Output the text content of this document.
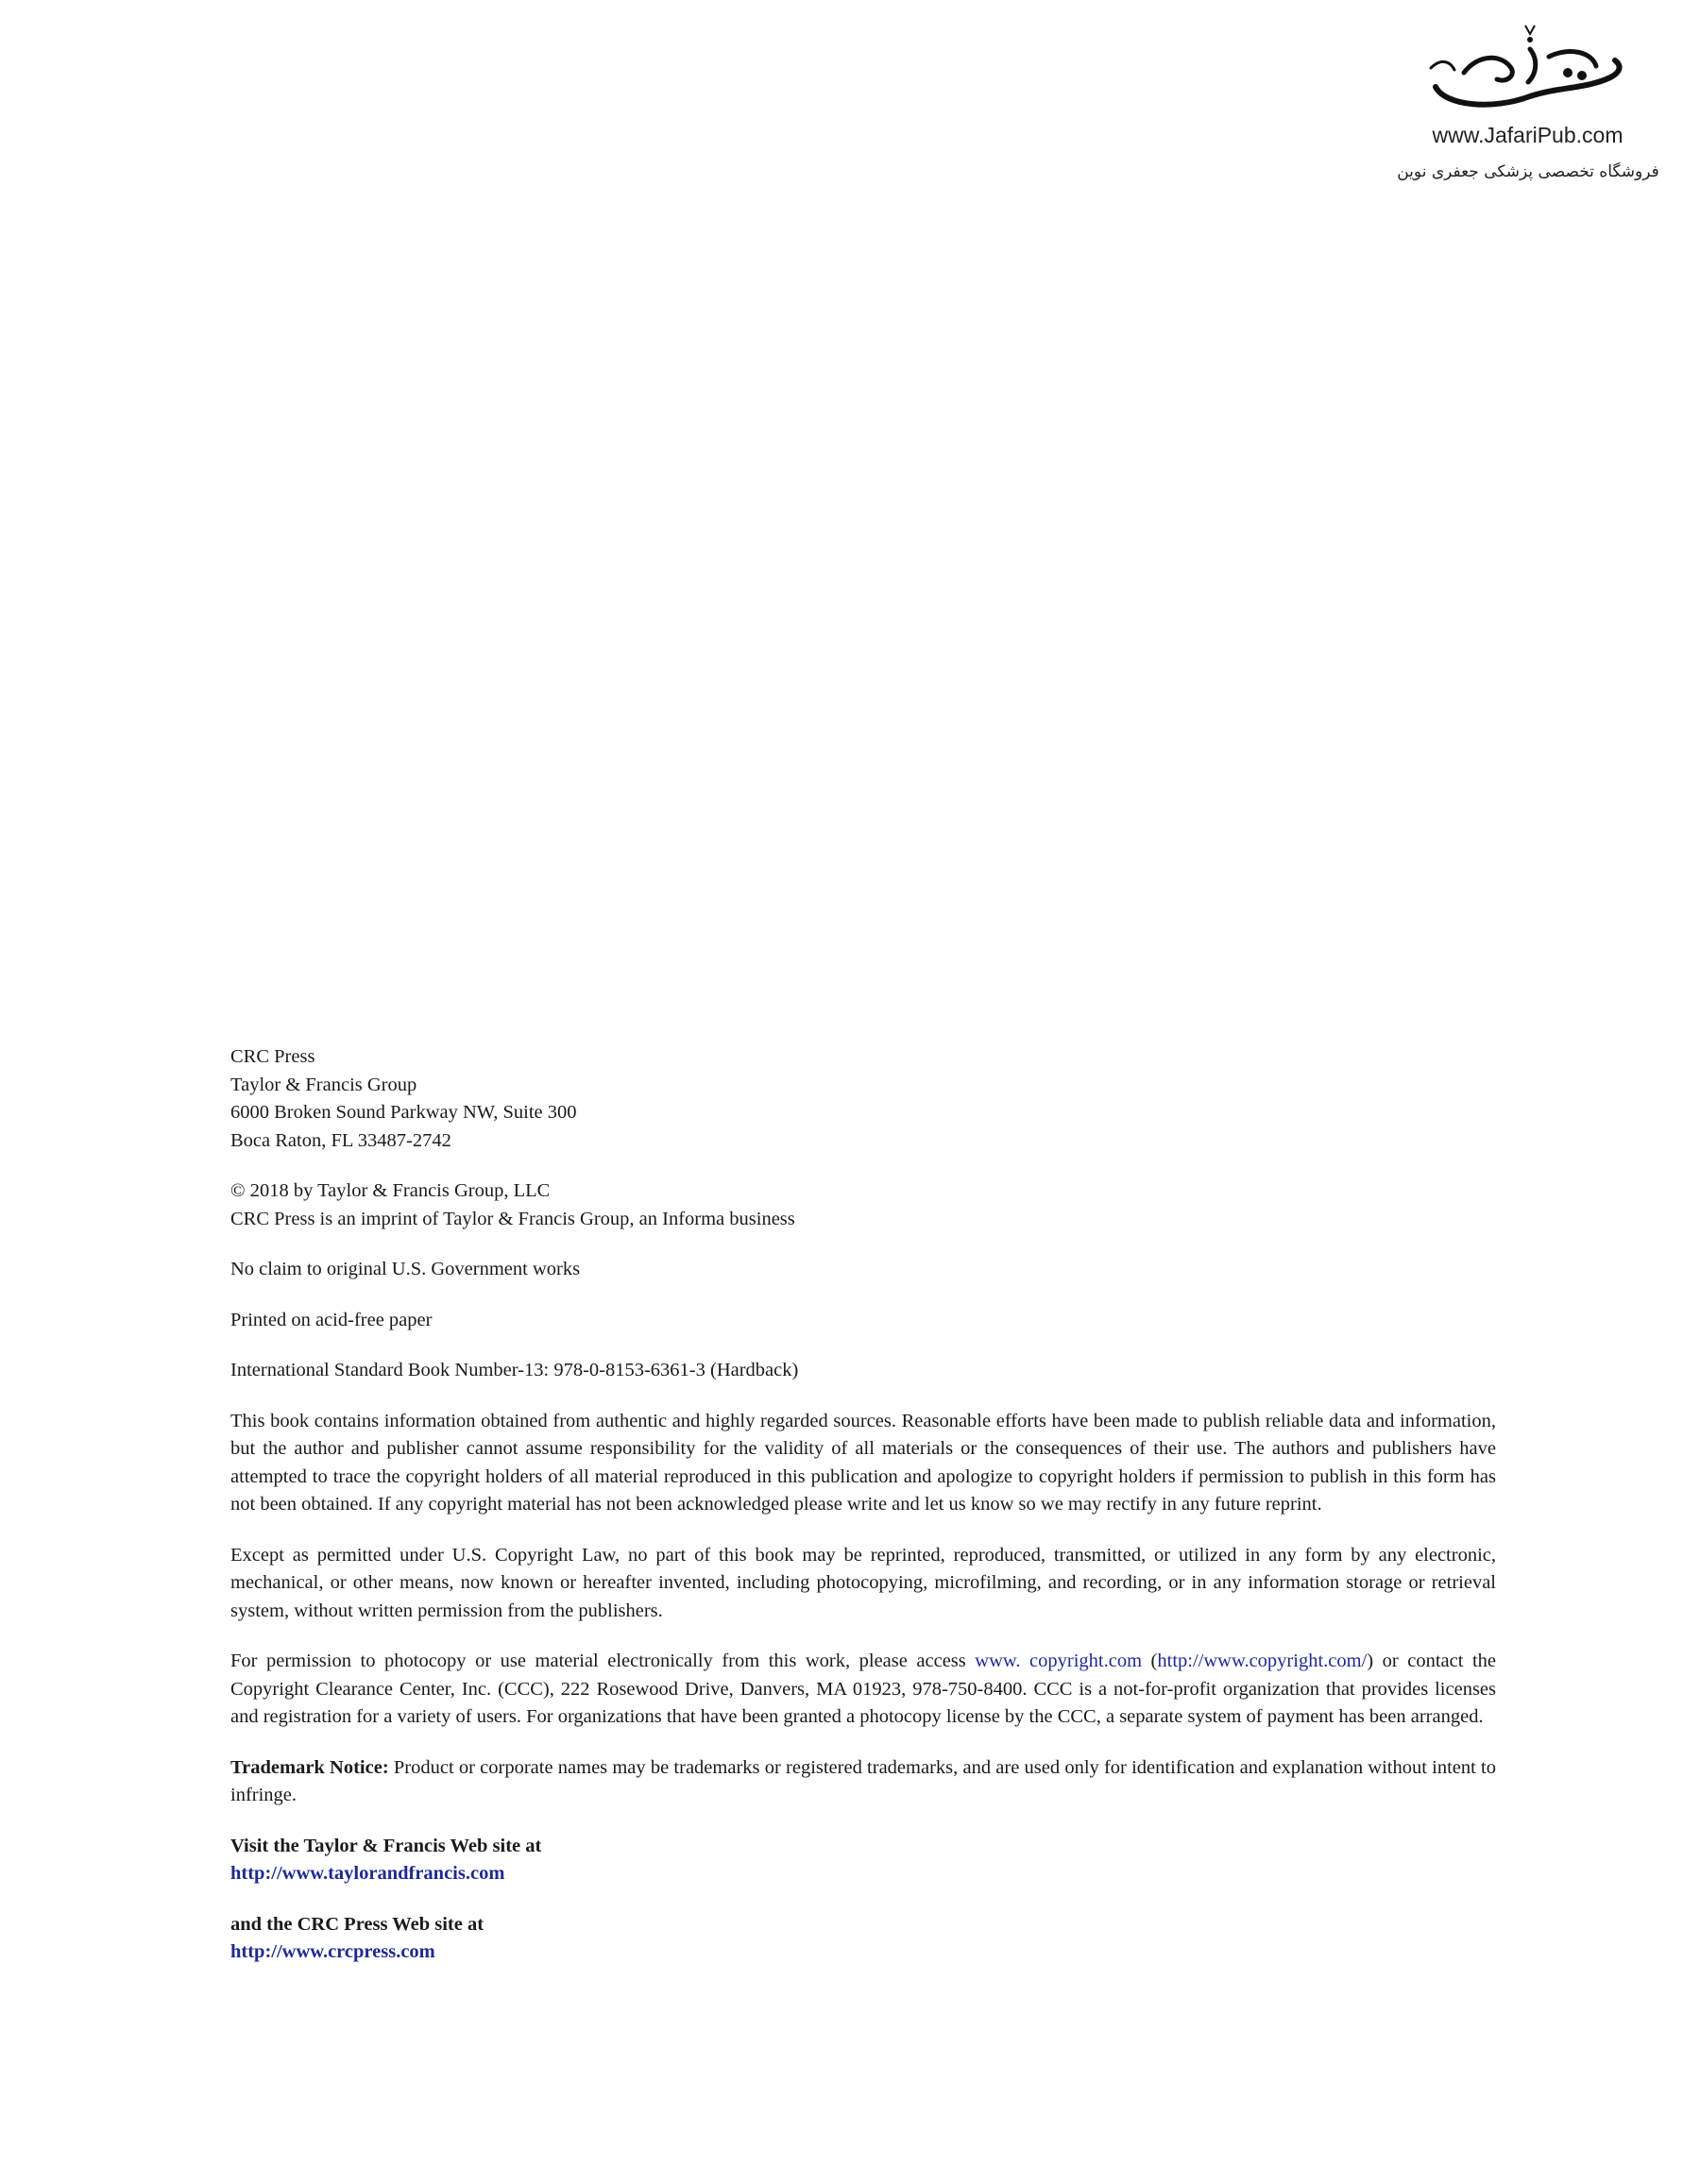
www.JafariPub.com
فروشگاه تخصصی پزشکی جعفری نوین
CRC Press
Taylor & Francis Group
6000 Broken Sound Parkway NW, Suite 300
Boca Raton, FL 33487-2742
© 2018 by Taylor & Francis Group, LLC
CRC Press is an imprint of Taylor & Francis Group, an Informa business
No claim to original U.S. Government works
Printed on acid-free paper
International Standard Book Number-13: 978-0-8153-6361-3 (Hardback)
This book contains information obtained from authentic and highly regarded sources. Reasonable efforts have been made to publish reliable data and information, but the author and publisher cannot assume responsibility for the validity of all materials or the consequences of their use. The authors and publishers have attempted to trace the copyright holders of all material reproduced in this publication and apologize to copyright holders if permission to publish in this form has not been obtained. If any copyright material has not been acknowledged please write and let us know so we may rectify in any future reprint.
Except as permitted under U.S. Copyright Law, no part of this book may be reprinted, reproduced, transmitted, or utilized in any form by any electronic, mechanical, or other means, now known or hereafter invented, including photocopying, microfilming, and recording, or in any information storage or retrieval system, without written permission from the publishers.
For permission to photocopy or use material electronically from this work, please access www. copyright.com (http://www.copyright.com/) or contact the Copyright Clearance Center, Inc. (CCC), 222 Rosewood Drive, Danvers, MA 01923, 978-750-8400. CCC is a not-for-profit organization that provides licenses and registration for a variety of users. For organizations that have been granted a photocopy license by the CCC, a separate system of payment has been arranged.
Trademark Notice: Product or corporate names may be trademarks or registered trademarks, and are used only for identification and explanation without intent to infringe.
Visit the Taylor & Francis Web site at
http://www.taylorandfrancis.com
and the CRC Press Web site at
http://www.crcpress.com
